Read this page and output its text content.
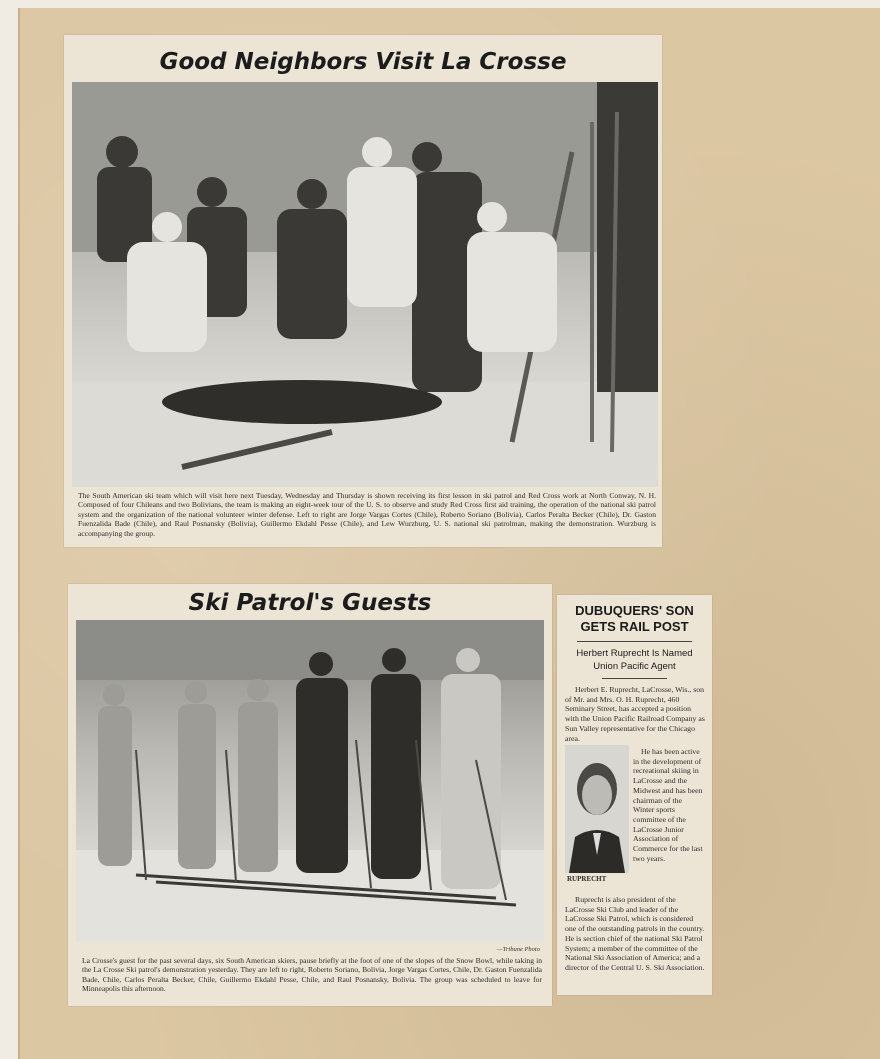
Good Neighbors Visit La Crosse

The South American ski team which will visit here next Tuesday, Wednesday and Thursday is shown receiving its first lesson in ski patrol and Red Cross work at North Conway, N. H. Composed of four Chileans and two Bolivians, the team is making an eight-week tour of the U. S. to observe and study Red Cross first aid training, the operation of the national ski patrol system and the organization of the national volunteer winter defense. Left to right are Jorge Vargas Cortes (Chile), Roberto Soriano (Bolivia), Carlos Peralta Becker (Chile), Dr. Gaston Fuenzalida Bade (Chile), and Raul Posnansky (Bolivia), Guillermo Ekdahl Pesse (Chile), and Lew Wurzburg, U. S. national ski patrolman, making the demonstration. Wurzburg is accompanying the group.

Ski Patrol's Guests
—Tribune Photo

La Crosse's guest for the past several days, six South American skiers, pause briefly at the foot of one of the slopes of the Snow Bowl, while taking in the La Crosse Ski patrol's demonstration yesterday. They are left to right, Roberto Soriano, Bolivia, Jorge Vargas Cortes, Chile, Dr. Gaston Fuenzalida Bade, Chile, Carlos Peralta Becker, Chile, Guillermo Ekdahl Pesse, Chile, and Raul Posnansky, Bolivia. The group was scheduled to leave for Minneapolis this afternoon.

DUBUQUERS' SON
GETS RAIL POST
Herbert Ruprecht Is Named
Union Pacific Agent

Herbert E. Ruprecht, LaCrosse, Wis., son of Mr. and Mrs. O. H. Ruprecht, 460 Seminary Street, has accepted a position with the Union Pacific Railroad Company as Sun Valley representative for the Chicago area.

RUPRECHT

He has been active in the development of recreational skiing in LaCrosse and the Midwest and has been chairman of the Winter sports committee of the LaCrosse Junior Association of Commerce for the last two years.

Ruprecht is also president of the LaCrosse Ski Club and leader of the LaCrosse Ski Patrol, which is considered one of the outstanding patrols in the country. He is section chief of the national Ski Patrol System; a member of the committee of the National Ski Association of America; and a director of the Central U. S. Ski Association.
